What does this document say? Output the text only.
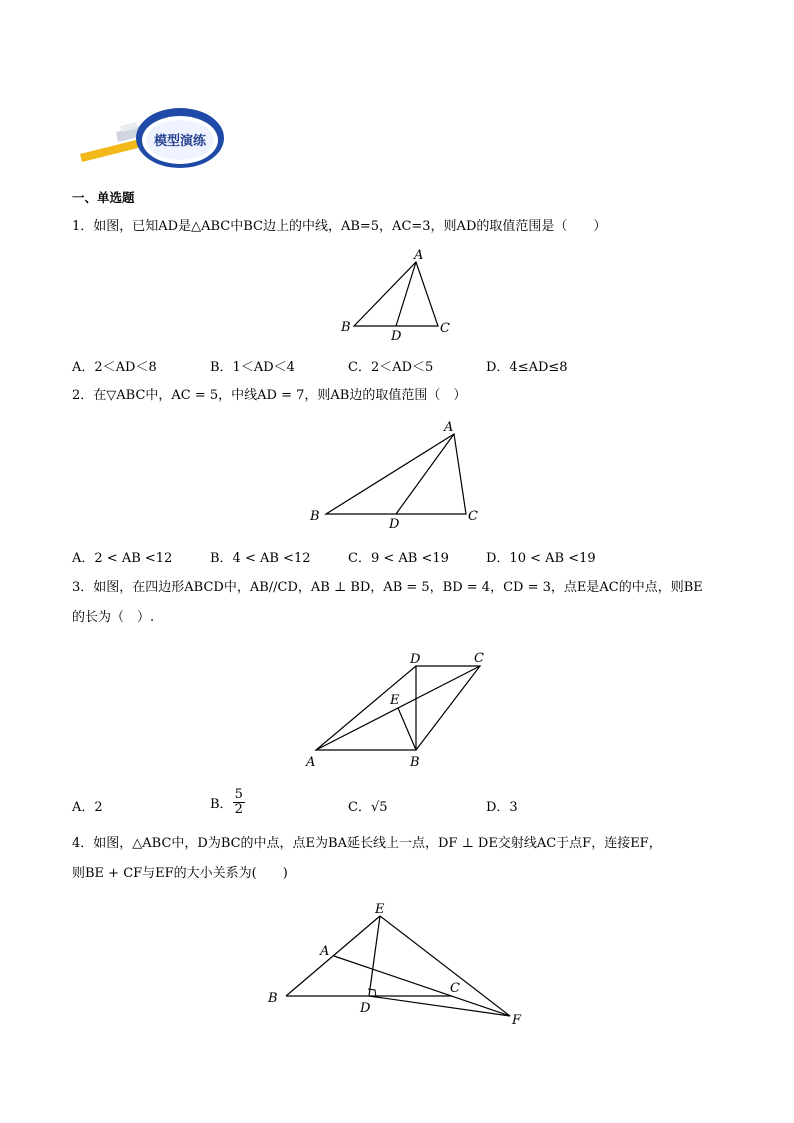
模型演练
一、单选题
1．如图，已知AD是△ABC中BC边上的中线，AB=5，AC=3，则AD的取值范围是（　　）
A
B	C
D
A．2＜AD＜8	B．1＜AD＜4	C．2＜AD＜5	D．4≤AD≤8
2．在▽ABC中，AC = 5，中线AD = 7，则AB边的取值范围（　）
A
B	C
D
A．2 < AB <12	B．4 < AB <12	C．9 < AB <19	D．10 < AB <19
3．如图，在四边形ABCD中，AB//CD，AB ⊥ BD，AB = 5，BD = 4，CD = 3，点E是AC的中点，则BE
的长为（　）.
D	C
E
A	B
A．2	B． $\frac{5}{2}$	C．√5	D．3
4．如图，△ABC中，D为BC的中点，点E为BA延长线上一点，DF ⊥ DE交射线AC于点F，连接EF，
则BE + CF与EF的大小关系为(　　)
E
A
B
C
D
F
